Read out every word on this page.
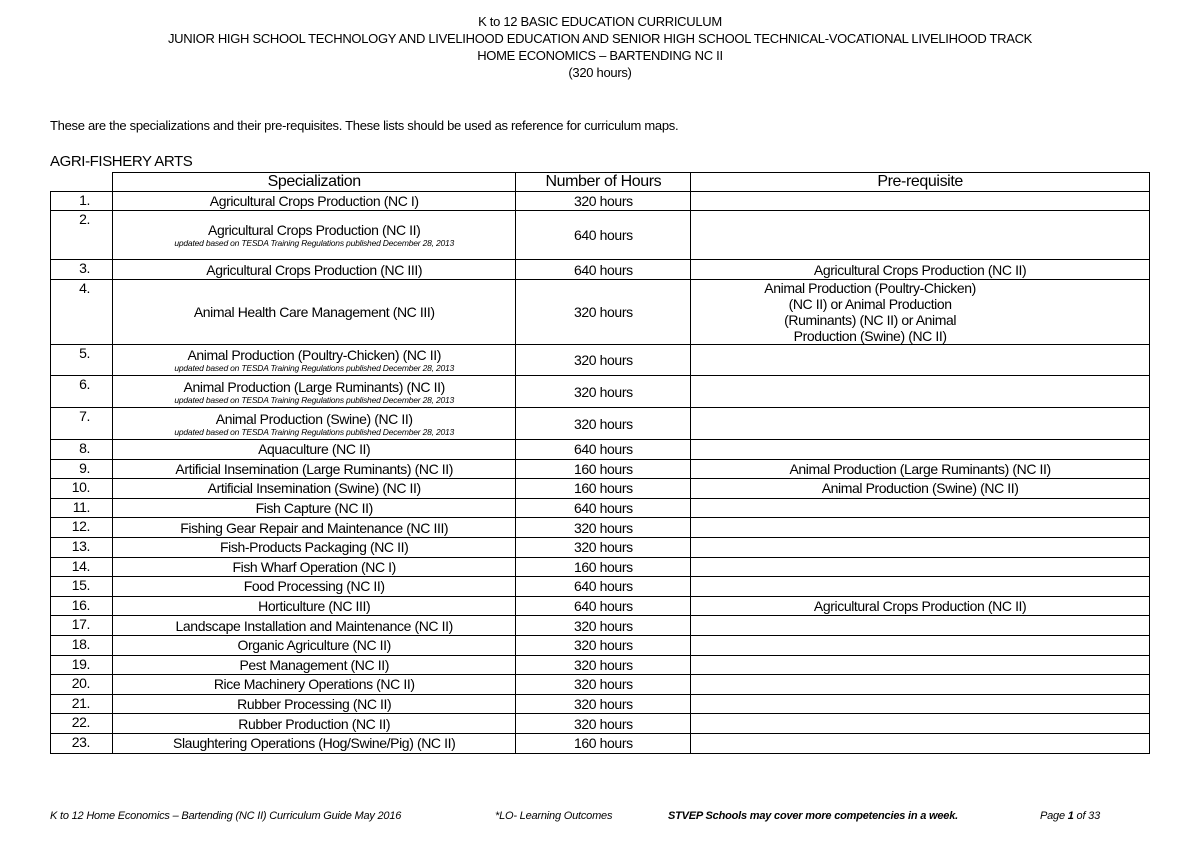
K to 12 BASIC EDUCATION CURRICULUM
JUNIOR HIGH SCHOOL TECHNOLOGY AND LIVELIHOOD EDUCATION AND SENIOR HIGH SCHOOL TECHNICAL-VOCATIONAL LIVELIHOOD TRACK
HOME ECONOMICS – BARTENDING NC II
(320 hours)
These are the specializations and their pre-requisites. These lists should be used as reference for curriculum maps.
AGRI-FISHERY ARTS
	Specialization	Number of Hours	Pre-requisite
1.	Agricultural Crops Production (NC I)	320 hours	
2.	Agricultural Crops Production (NC II)
updated based on TESDA Training Regulations published December 28, 2013	640 hours	
3.	Agricultural Crops Production (NC III)	640 hours	Agricultural Crops Production (NC II)
4.	Animal Health Care Management (NC III)	320 hours	Animal Production (Poultry-Chicken) (NC II) or Animal Production (Ruminants) (NC II) or Animal Production (Swine) (NC II)
5.	Animal Production (Poultry-Chicken) (NC II)
updated based on TESDA Training Regulations published December 28, 2013	320 hours	
6.	Animal Production (Large Ruminants) (NC II)
updated based on TESDA Training Regulations published December 28, 2013	320 hours	
7.	Animal Production (Swine) (NC II)
updated based on TESDA Training Regulations published December 28, 2013	320 hours	
8.	Aquaculture (NC II)	640 hours	
9.	Artificial Insemination (Large Ruminants) (NC II)	160 hours	Animal Production (Large Ruminants) (NC II)
10.	Artificial Insemination (Swine) (NC II)	160 hours	Animal Production (Swine) (NC II)
11.	Fish Capture (NC II)	640 hours	
12.	Fishing Gear Repair and Maintenance (NC III)	320 hours	
13.	Fish-Products Packaging (NC II)	320 hours	
14.	Fish Wharf Operation (NC I)	160 hours	
15.	Food Processing (NC II)	640 hours	
16.	Horticulture (NC III)	640 hours	Agricultural Crops Production (NC II)
17.	Landscape Installation and Maintenance (NC II)	320 hours	
18.	Organic Agriculture (NC II)	320 hours	
19.	Pest Management (NC II)	320 hours	
20.	Rice Machinery Operations (NC II)	320 hours	
21.	Rubber Processing (NC II)	320 hours	
22.	Rubber Production (NC II)	320 hours	
23.	Slaughtering Operations (Hog/Swine/Pig) (NC II)	160 hours	
K to 12 Home Economics – Bartending (NC II) Curriculum Guide May 2016	*LO- Learning Outcomes	STVEP Schools may cover more competencies in a week.	Page 1 of 33
